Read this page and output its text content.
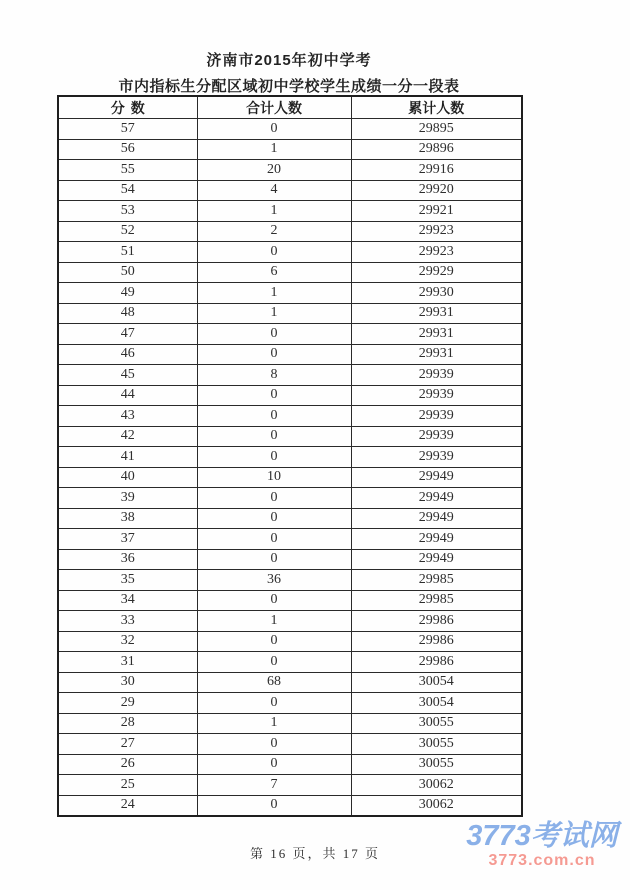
济南市2015年初中学考
市内指标生分配区域初中学校学生成绩一分一段表
分数	合计人数	累计人数
57	0	29895
56	1	29896
55	20	29916
54	4	29920
53	1	29921
52	2	29923
51	0	29923
50	6	29929
49	1	29930
48	1	29931
47	0	29931
46	0	29931
45	8	29939
44	0	29939
43	0	29939
42	0	29939
41	0	29939
40	10	29949
39	0	29949
38	0	29949
37	0	29949
36	0	29949
35	36	29985
34	0	29985
33	1	29986
32	0	29986
31	0	29986
30	68	30054
29	0	30054
28	1	30055
27	0	30055
26	0	30055
25	7	30062
24	0	30062
第 16 页，共 17 页
3773考试网
3773.com.cn
